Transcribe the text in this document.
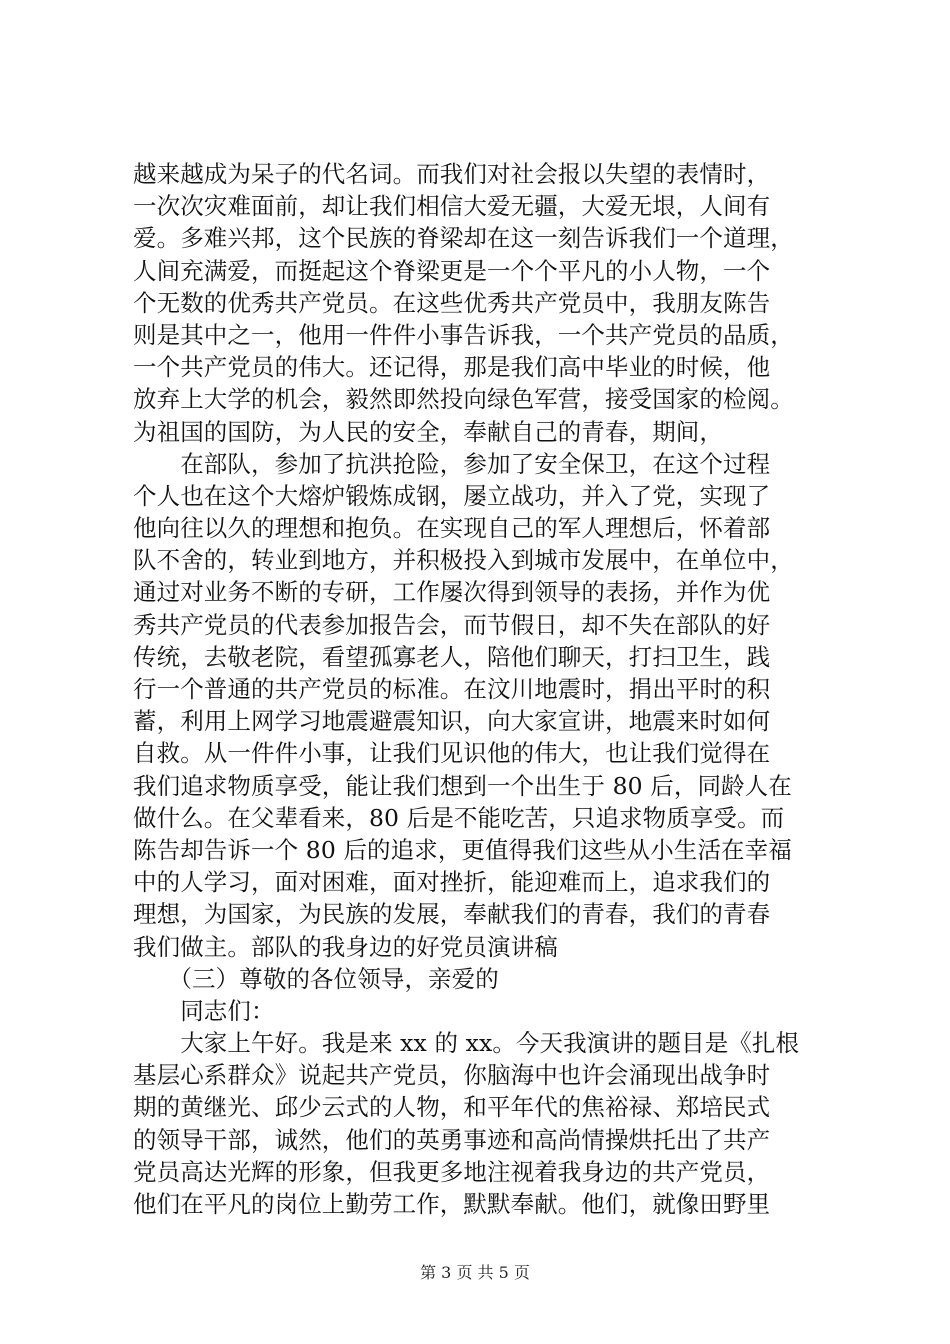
越来越成为呆子的代名词。而我们对社会报以失望的表情时，
一次次灾难面前，却让我们相信大爱无疆，大爱无垠，人间有
爱。多难兴邦，这个民族的脊梁却在这一刻告诉我们一个道理，
人间充满爱，而挺起这个脊梁更是一个个平凡的小人物，一个
个无数的优秀共产党员。在这些优秀共产党员中，我朋友陈告
则是其中之一，他用一件件小事告诉我，一个共产党员的品质，
一个共产党员的伟大。还记得，那是我们高中毕业的时候，他
放弃上大学的机会，毅然即然投向绿色军营，接受国家的检阅。
为祖国的国防，为人民的安全，奉献自己的青春，期间，
　　在部队，参加了抗洪抢险，参加了安全保卫，在这个过程
个人也在这个大熔炉锻炼成钢，屡立战功，并入了党，实现了
他向往以久的理想和抱负。在实现自己的军人理想后，怀着部
队不舍的，转业到地方，并积极投入到城市发展中，在单位中，
通过对业务不断的专研，工作屡次得到领导的表扬，并作为优
秀共产党员的代表参加报告会，而节假日，却不失在部队的好
传统，去敬老院，看望孤寡老人，陪他们聊天，打扫卫生，践
行一个普通的共产党员的标准。在汶川地震时，捐出平时的积
蓄，利用上网学习地震避震知识，向大家宣讲，地震来时如何
自救。从一件件小事，让我们见识他的伟大，也让我们觉得在
我们追求物质享受，能让我们想到一个出生于 80 后，同龄人在
做什么。在父辈看来，80 后是不能吃苦，只追求物质享受。而
陈告却告诉一个 80 后的追求，更值得我们这些从小生活在幸福
中的人学习，面对困难，面对挫折，能迎难而上，追求我们的
理想，为国家，为民族的发展，奉献我们的青春，我们的青春
我们做主。部队的我身边的好党员演讲稿
　　（三）尊敬的各位领导，亲爱的
　　同志们：
　　大家上午好。我是来 xx 的 xx。今天我演讲的题目是《扎根
基层心系群众》说起共产党员，你脑海中也许会涌现出战争时
期的黄继光、邱少云式的人物，和平年代的焦裕禄、郑培民式
的领导干部，诚然，他们的英勇事迹和高尚情操烘托出了共产
党员高达光辉的形象，但我更多地注视着我身边的共产党员，
他们在平凡的岗位上勤劳工作，默默奉献。他们，就像田野里
第 3 页 共 5 页
